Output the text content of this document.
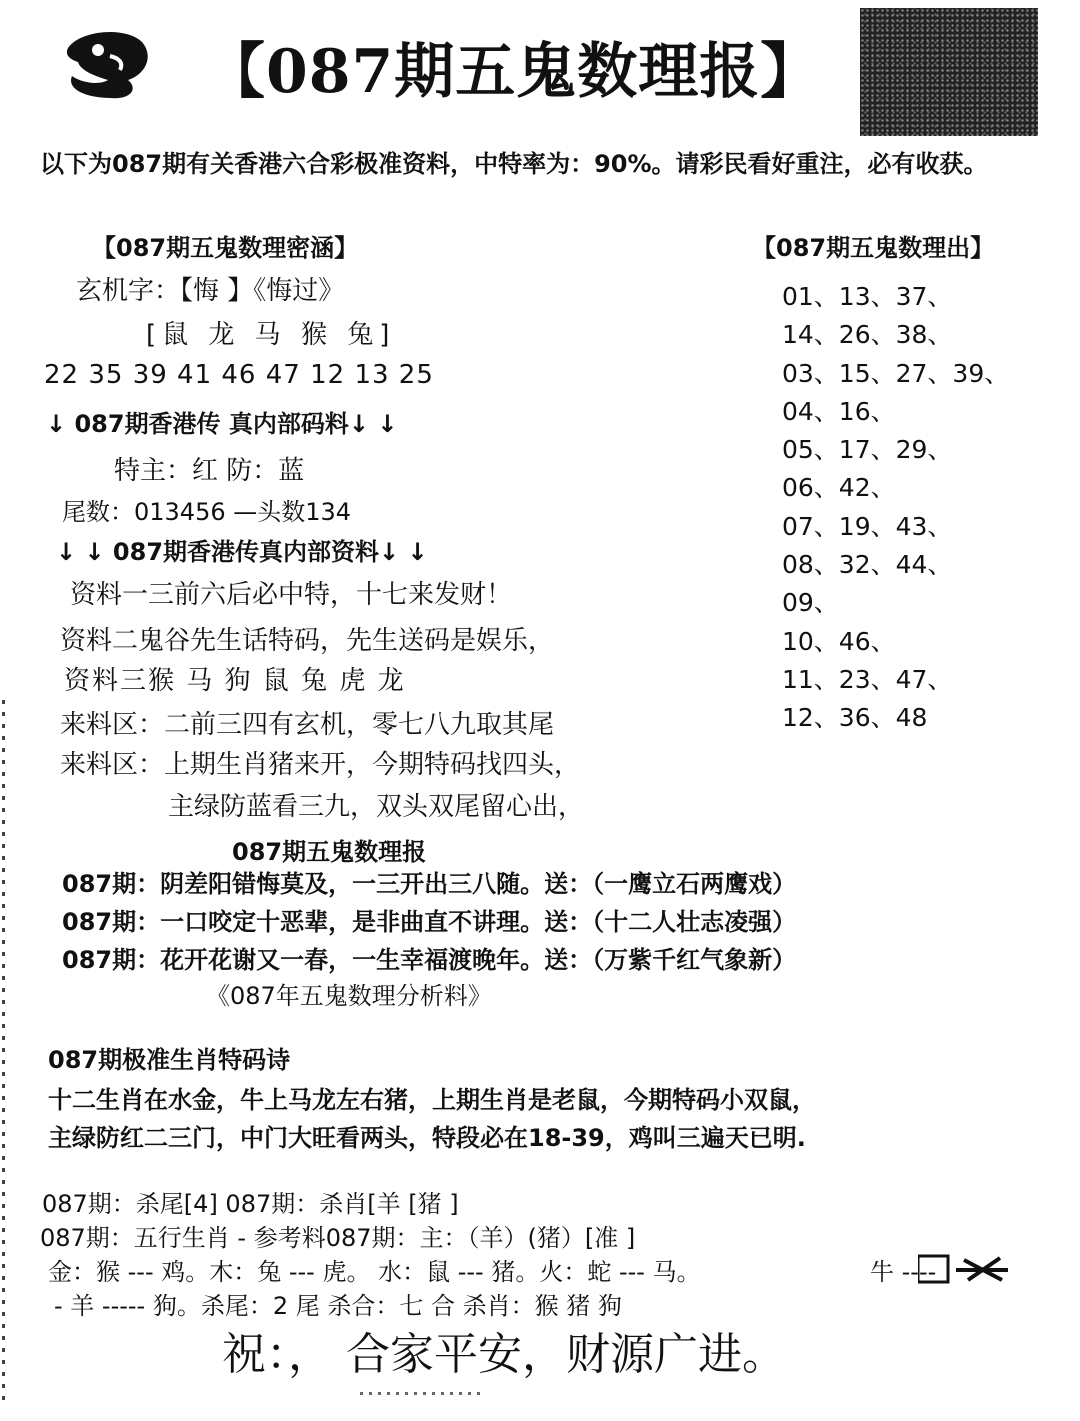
【087期五鬼数理报】
以下为087期有关香港六合彩极准资料，中特率为：90%。请彩民看好重注，必有收获。
【087期五鬼数理密涵】
玄机字：【悔 】《悔过》
[鼠 龙 马 猴 兔]
22 35 39 41 46 47 12 13 25
↓ 087期香港传 真内部码料↓ ↓
特主：红 防：蓝
尾数：013456 —头数134
↓ ↓ 087期香港传真内部资料↓ ↓
资料一三前六后必中特，十七来发财！
资料二鬼谷先生话特码，先生送码是娱乐，
资料三猴 马 狗 鼠 兔 虎 龙
来料区：二前三四有玄机，零七八九取其尾
来料区：上期生肖猪来开，今期特码找四头，
主绿防蓝看三九，双头双尾留心出，
【087期五鬼数理出】
01、13、37、
14、26、38、
03、15、27、39、
04、16、
05、17、29、
06、42、
07、19、43、
08、32、44、
09、
10、46、
11、23、47、
12、36、48
087期五鬼数理报
087期：阴差阳错悔莫及，一三开出三八随。送：（一鹰立石两鹰戏）
087期：一口咬定十恶辈，是非曲直不讲理。送：（十二人壮志凌强）
087期：花开花谢又一春，一生幸福渡晚年。送：（万紫千红气象新）
《087年五鬼数理分析料》
087期极准生肖特码诗
十二生肖在水金，牛上马龙左右猪，上期生肖是老鼠，今期特码小双鼠，
主绿防红二三门，中门大旺看两头，特段必在18-39，鸡叫三遍天已明.
087期：杀尾[4] 087期：杀肖[羊 [猪 ]
087期：五行生肖 - 参考料087期：主：（羊）(猪）[准 ]
金：猴 --- 鸡。木：兔 --- 虎。 水：鼠 --- 猪。火：蛇 --- 马。	牛 ----
- 羊 ----- 狗。杀尾：2 尾 杀合：七 合 杀肖：猴 猪 狗
祝：， 合家平安，财源广进。
